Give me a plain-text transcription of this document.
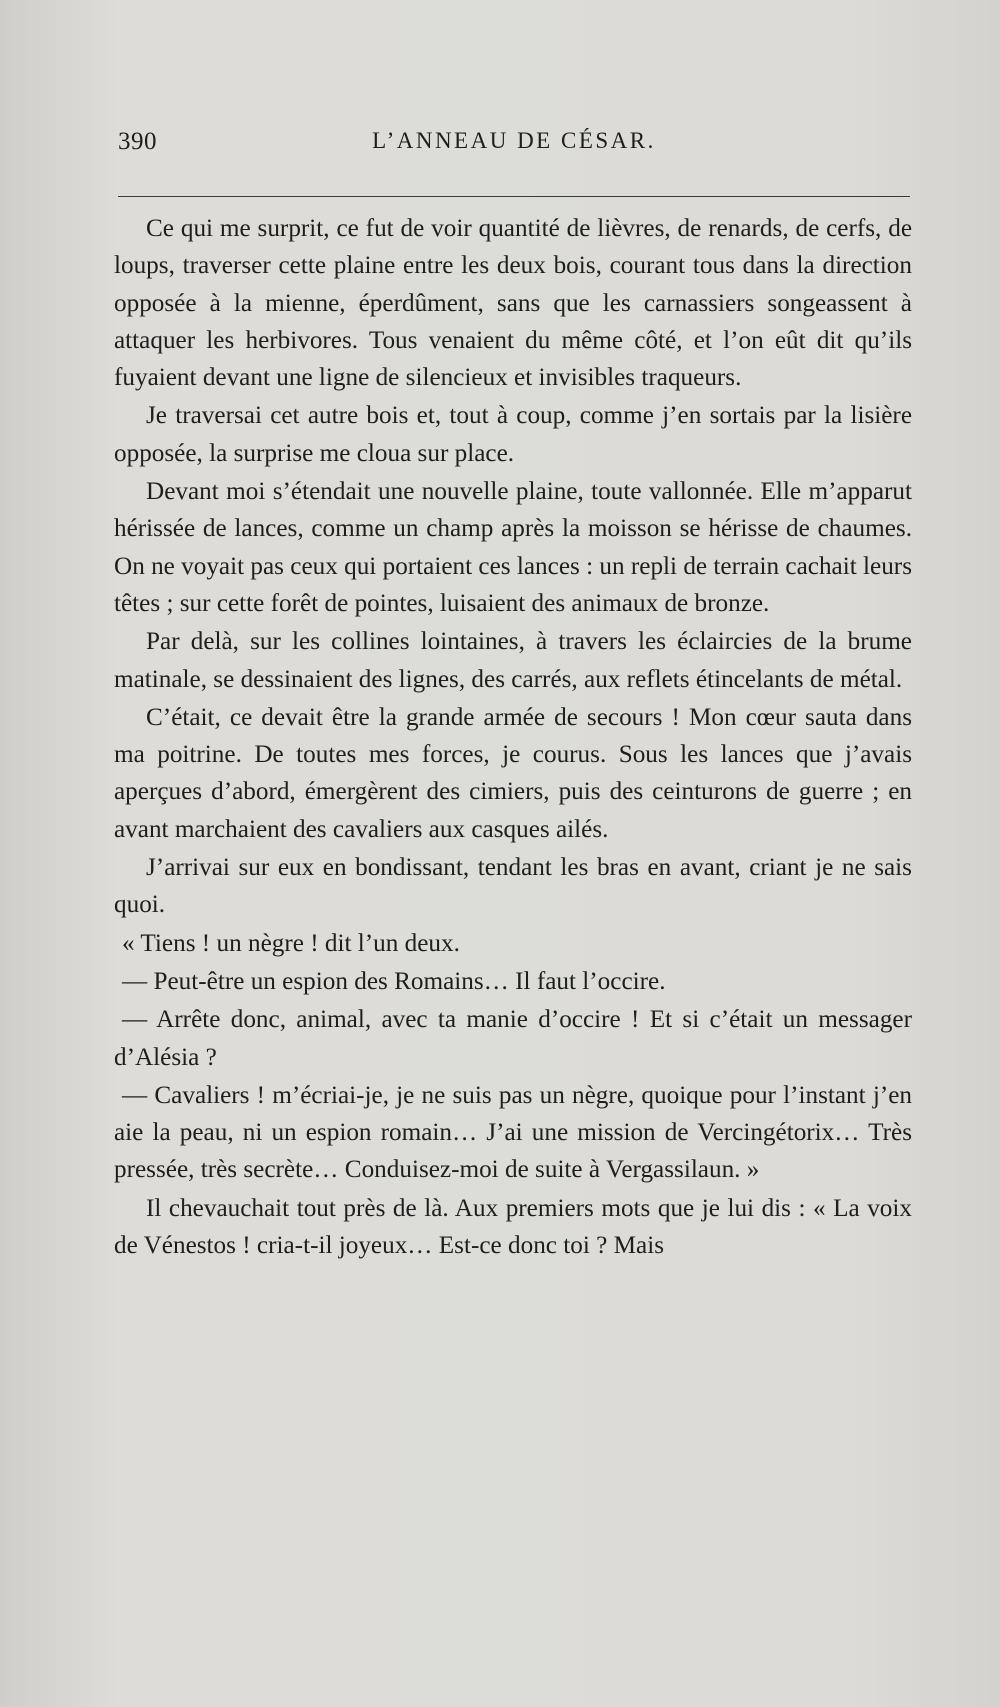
390	L’ANNEAU DE CÉSAR.

Ce qui me surprit, ce fut de voir quantité de lièvres, de renards, de cerfs, de loups, traverser cette plaine entre les deux bois, courant tous dans la direction opposée à la mienne, éperdûment, sans que les carnassiers songeassent à attaquer les herbivores. Tous venaient du même côté, et l’on eût dit qu’ils fuyaient devant une ligne de silencieux et invisibles traqueurs.

Je traversai cet autre bois et, tout à coup, comme j’en sortais par la lisière opposée, la surprise me cloua sur place.

Devant moi s’étendait une nouvelle plaine, toute vallonnée. Elle m’apparut hérissée de lances, comme un champ après la moisson se hérisse de chaumes. On ne voyait pas ceux qui portaient ces lances : un repli de terrain cachait leurs têtes ; sur cette forêt de pointes, luisaient des animaux de bronze.

Par delà, sur les collines lointaines, à travers les éclaircies de la brume matinale, se dessinaient des lignes, des carrés, aux reflets étincelants de métal.

C’était, ce devait être la grande armée de secours ! Mon cœur sauta dans ma poitrine. De toutes mes forces, je courus. Sous les lances que j’avais aperçues d’abord, émergèrent des cimiers, puis des ceinturons de guerre ; en avant marchaient des cavaliers aux casques ailés.

J’arrivai sur eux en bondissant, tendant les bras en avant, criant je ne sais quoi.

« Tiens ! un nègre ! dit l’un deux.

— Peut-être un espion des Romains… Il faut l’occire.

— Arrête donc, animal, avec ta manie d’occire ! Et si c’était un messager d’Alésia ?

— Cavaliers ! m’écriai-je, je ne suis pas un nègre, quoique pour l’instant j’en aie la peau, ni un espion romain… J’ai une mission de Vercingétorix… Très pressée, très secrète… Conduisez-moi de suite à Vergassilaun. »

Il chevauchait tout près de là. Aux premiers mots que je lui dis : « La voix de Vénestos ! cria-t-il joyeux… Est-ce donc toi ? Mais
